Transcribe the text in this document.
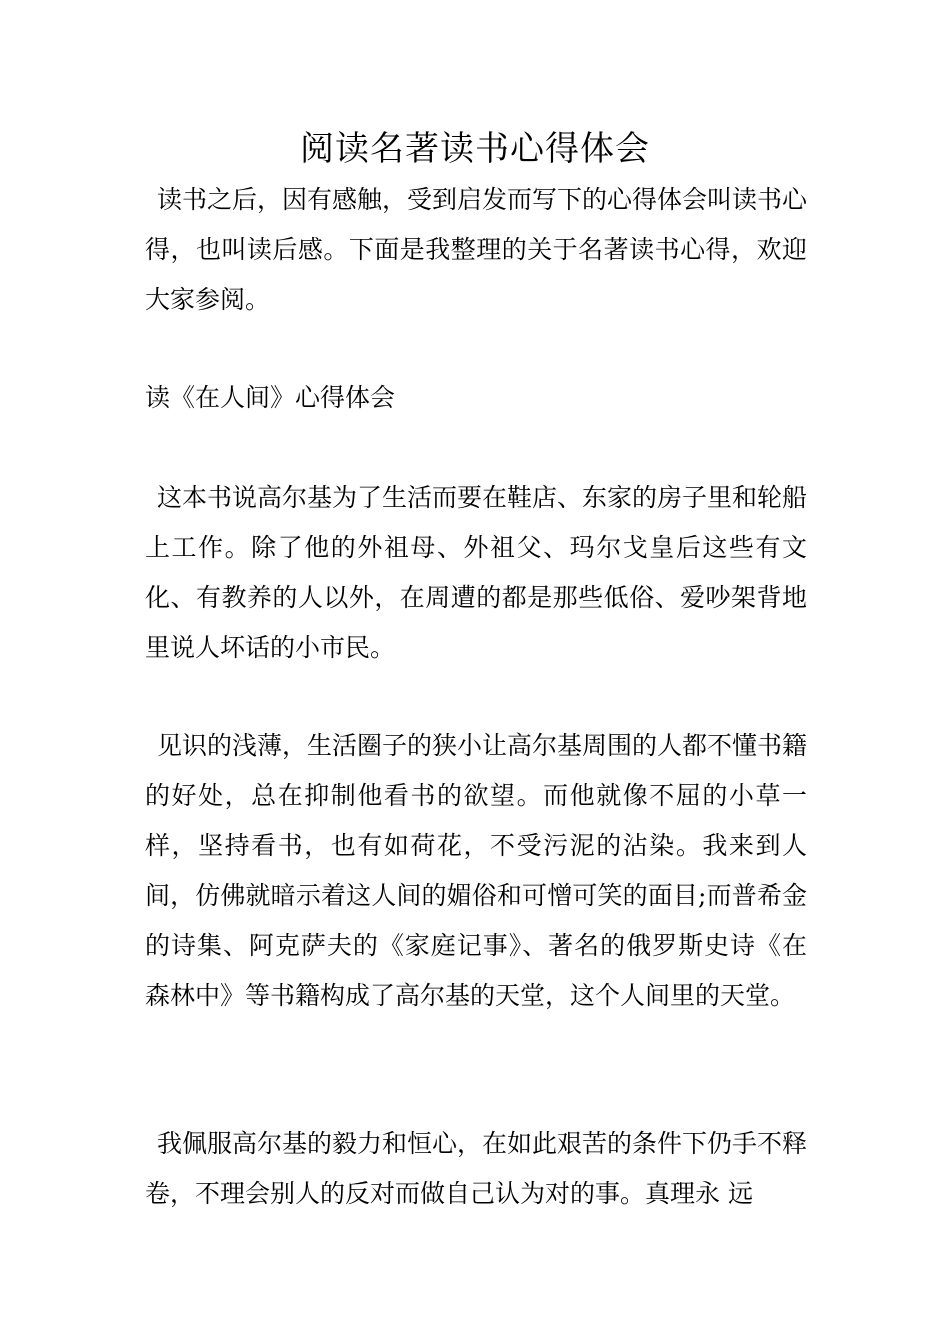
阅读名著读书心得体会
读书之后，因有感触，受到启发而写下的心得体会叫读书心得，也叫读后感。下面是我整理的关于名著读书心得，欢迎大家参阅。
读《在人间》心得体会
这本书说高尔基为了生活而要在鞋店、东家的房子里和轮船上工作。除了他的外祖母、外祖父、玛尔戈皇后这些有文化、有教养的人以外，在周遭的都是那些低俗、爱吵架背地里说人坏话的小市民。
见识的浅薄，生活圈子的狭小让高尔基周围的人都不懂书籍的好处，总在抑制他看书的欲望。而他就像不屈的小草一样，坚持看书，也有如荷花，不受污泥的沾染。我来到人间，仿佛就暗示着这人间的媚俗和可憎可笑的面目;而普希金的诗集、阿克萨夫的《家庭记事》、著名的俄罗斯史诗《在森林中》等书籍构成了高尔基的天堂，这个人间里的天堂。
我佩服高尔基的毅力和恒心，在如此艰苦的条件下仍手不释卷，不理会别人的反对而做自己认为对的事。真理永 远
